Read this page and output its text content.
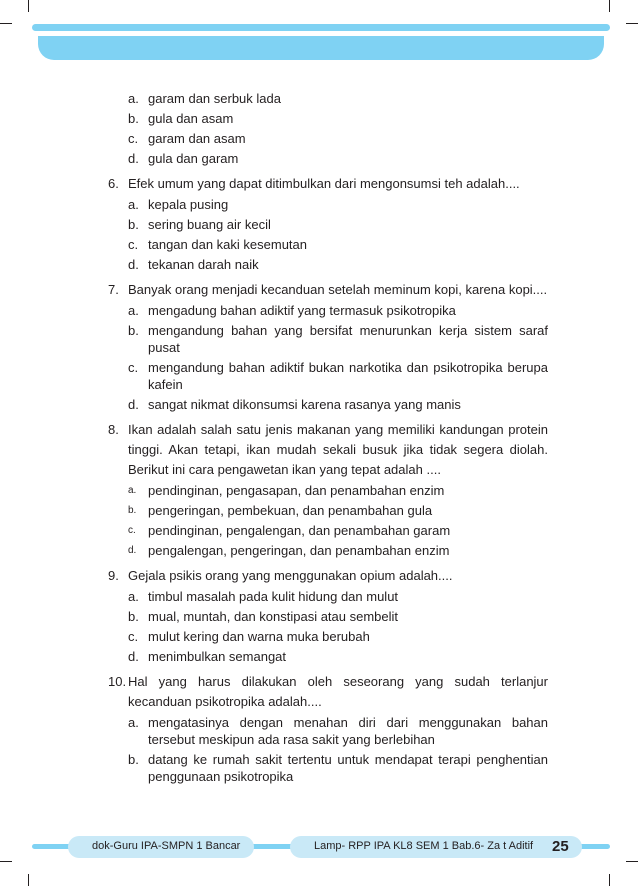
a. garam dan serbuk lada
b. gula dan asam
c. garam dan asam
d. gula dan garam
6. Efek umum yang dapat ditimbulkan dari mengonsumsi teh adalah....
a. kepala pusing
b. sering buang air kecil
c. tangan dan kaki kesemutan
d. tekanan darah naik
7. Banyak orang menjadi kecanduan setelah meminum kopi, karena kopi....
a. mengadung bahan adiktif yang termasuk psikotropika
b. mengandung bahan yang bersifat menurunkan kerja sistem saraf pusat
c. mengandung bahan adiktif bukan narkotika dan psikotropika berupa kafein
d. sangat nikmat dikonsumsi karena rasanya yang manis
8. Ikan adalah salah satu jenis makanan yang memiliki kandungan protein tinggi. Akan tetapi, ikan mudah sekali busuk jika tidak segera diolah. Berikut ini cara pengawetan ikan yang tepat adalah ....
a. pendinginan, pengasapan, dan penambahan enzim
b. pengeringan, pembekuan, dan penambahan gula
c. pendinginan, pengalengan, dan penambahan garam
d. pengalengan, pengeringan, dan penambahan enzim
9. Gejala psikis orang yang menggunakan opium adalah....
a. timbul masalah pada kulit hidung dan mulut
b. mual, muntah, dan konstipasi atau sembelit
c. mulut kering dan warna muka berubah
d. menimbulkan semangat
10. Hal yang harus dilakukan oleh seseorang yang sudah terlanjur kecanduan psikotropika adalah....
a. mengatasinya dengan menahan diri dari menggunakan bahan tersebut meskipun ada rasa sakit yang berlebihan
b. datang ke rumah sakit tertentu untuk mendapat terapi penghentian penggunaan psikotropika
dok-Guru IPA-SMPN 1 Bancar	Lamp- RPP IPA KL8 SEM 1 Bab.6- Za t Aditif 25
